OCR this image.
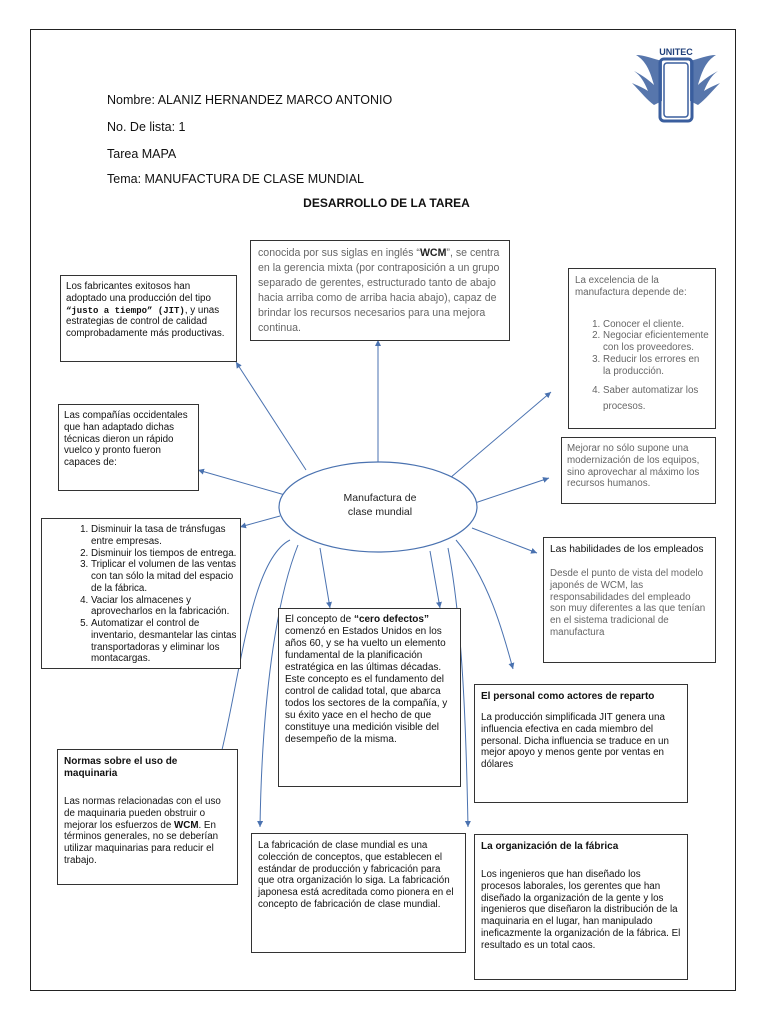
UNITEC
ﾠ
Nombre: ALANIZ HERNANDEZ MARCO ANTONIO
No. De lista: 1
Tarea MAPA
Tema: MANUFACTURA DE CLASE MUNDIAL
DESARROLLO DE LA TAREA
Manufactura de
clase mundial
conocida por sus siglas en inglés “WCM”, se centra en la gerencia mixta (por contraposición a un grupo separado de gerentes, estructurado tanto de abajo hacia arriba como de arriba hacia abajo), capaz de brindar los recursos necesarios para una mejora continua.
Los fabricantes exitosos han adoptado una producción del tipo “justo a tiempo” (JIT), y unas estrategias de control de calidad comprobadamente más productivas.

La excelencia de la manufactura depende de:

1. Conocer el cliente.
2. Negociar eficientemente con los proveedores.
3. Reducir los errores en la producción.
4. Saber automatizar los procesos.
Las compañías occidentales que han adaptado dichas técnicas dieron un rápido vuelco y pronto fueron capaces de:
Mejorar no sólo supone una modernización de los equipos, sino aprovechar al máximo los recursos humanos.
1. Disminuir la tasa de tránsfugas entre empresas.
2. Disminuir los tiempos de entrega.
3. Triplicar el volumen de las ventas con tan sólo la mitad del espacio de la fábrica.
4. Vaciar los almacenes y aprovecharlos en la fabricación.
5. Automatizar el control de inventario, desmantelar las cintas transportadoras y eliminar los montacargas.
Las habilidades de los empleados

Desde el punto de vista del modelo japonés de WCM, las responsabilidades del empleado son muy diferentes a las que tenían en el sistema tradicional de manufactura

El concepto de “cero defectos” comenzó en Estados Unidos en los años 60, y se ha vuelto un elemento fundamental de la planificación estratégica en las últimas décadas. Este concepto es el fundamento del control de calidad total, que abarca todos los sectores de la compañía, y su éxito yace en el hecho de que constituye una medición visible del desempeño de la misma.
El personal como actores de reparto

La producción simplificada JIT genera una influencia efectiva en cada miembro del personal. Dicha influencia se traduce en un mejor apoyo y menos gente por ventas en dólares

Normas sobre el uso de maquinaria

Las normas relacionadas con el uso de maquinaria pueden obstruir o mejorar los esfuerzos de WCM. En términos generales, no se deberían utilizar maquinarias para reducir el trabajo.

La fabricación de clase mundial es una colección de conceptos, que establecen el estándar de producción y fabricación para que otra organización lo siga. La fabricación japonesa está acreditada como pionera en el concepto de fabricación de clase mundial.
La organización de la fábrica

Los ingenieros que han diseñado los procesos laborales, los gerentes que han diseñado la organización de la gente y los ingenieros que diseñaron la distribución de la maquinaria en el lugar, han manipulado ineficazmente la organización de la fábrica. El resultado es un total caos.
